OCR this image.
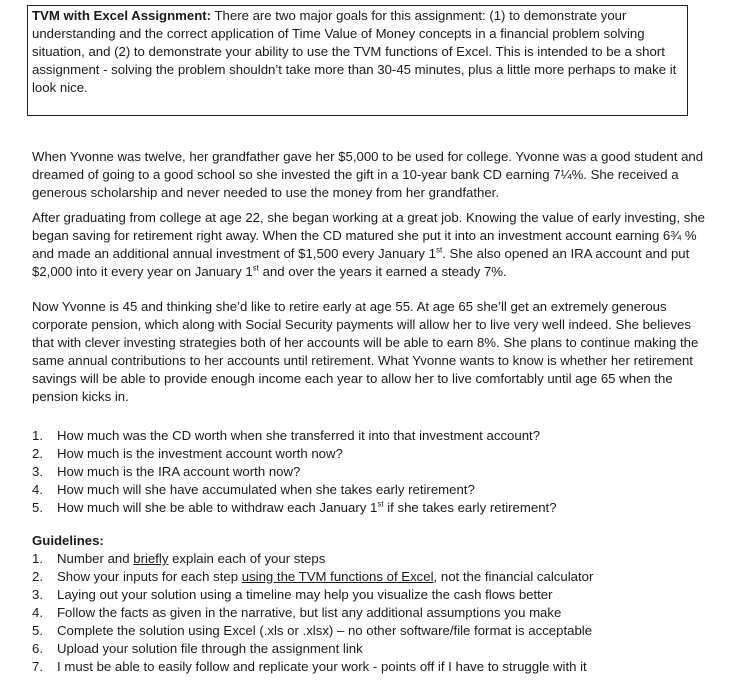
TVM with Excel Assignment: There are two major goals for this assignment: (1) to demonstrate your understanding and the correct application of Time Value of Money concepts in a financial problem solving situation, and (2) to demonstrate your ability to use the TVM functions of Excel. This is intended to be a short assignment - solving the problem shouldn’t take more than 30-45 minutes, plus a little more perhaps to make it look nice.

When Yvonne was twelve, her grandfather gave her $5,000 to be used for college. Yvonne was a good student and dreamed of going to a good school so she invested the gift in a 10-year bank CD earning 7¼%. She received a generous scholarship and never needed to use the money from her grandfather.

After graduating from college at age 22, she began working at a great job. Knowing the value of early investing, she began saving for retirement right away. When the CD matured she put it into an investment account earning 6¾ % and made an additional annual investment of $1,500 every January 1st. She also opened an IRA account and put $2,000 into it every year on January 1st and over the years it earned a steady 7%.

Now Yvonne is 45 and thinking she’d like to retire early at age 55. At age 65 she’ll get an extremely generous corporate pension, which along with Social Security payments will allow her to live very well indeed. She believes that with clever investing strategies both of her accounts will be able to earn 8%. She plans to continue making the same annual contributions to her accounts until retirement. What Yvonne wants to know is whether her retirement savings will be able to provide enough income each year to allow her to live comfortably until age 65 when the pension kicks in.

1.	How much was the CD worth when she transferred it into that investment account?
2.	How much is the investment account worth now?
3.	How much is the IRA account worth now?
4.	How much will she have accumulated when she takes early retirement?
5.	How much will she be able to withdraw each January 1st if she takes early retirement?

Guidelines:

1.	Number and briefly explain each of your steps
2.	Show your inputs for each step using the TVM functions of Excel, not the financial calculator
3.	Laying out your solution using a timeline may help you visualize the cash flows better
4.	Follow the facts as given in the narrative, but list any additional assumptions you make
5.	Complete the solution using Excel (.xls or .xlsx) – no other software/file format is acceptable
6.	Upload your solution file through the assignment link
7.	I must be able to easily follow and replicate your work - points off if I have to struggle with it
